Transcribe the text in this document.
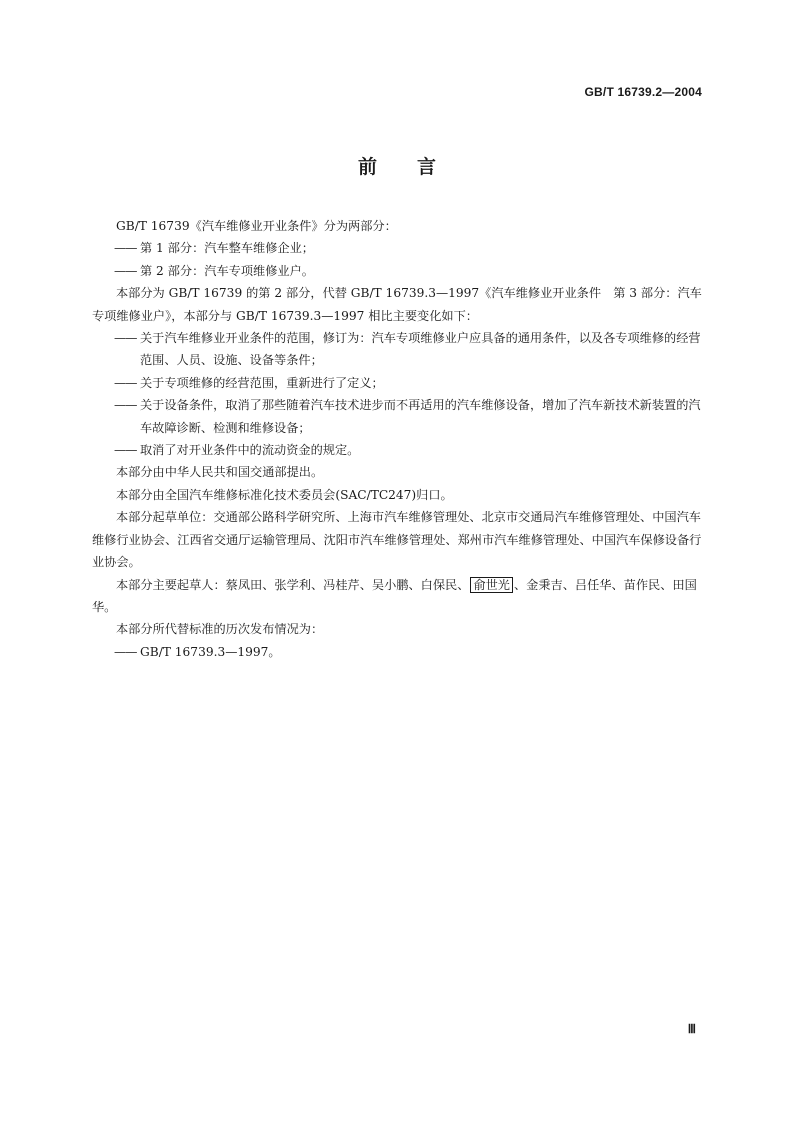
GB/T 16739.2—2004
前言

GB/T 16739《汽车维修业开业条件》分为两部分：

—— 第 1 部分：汽车整车维修企业；

—— 第 2 部分：汽车专项维修业户。

本部分为 GB/T 16739 的第 2 部分，代替 GB/T 16739.3—1997《汽车维修业开业条件　第 3 部分：汽车专项维修业户》，本部分与 GB/T 16739.3—1997 相比主要变化如下：

—— 关于汽车维修业开业条件的范围，修订为：汽车专项维修业户应具备的通用条件，以及各专项维修的经营范围、人员、设施、设备等条件；

—— 关于专项维修的经营范围，重新进行了定义；

—— 关于设备条件，取消了那些随着汽车技术进步而不再适用的汽车维修设备，增加了汽车新技术新装置的汽车故障诊断、检测和维修设备；

—— 取消了对开业条件中的流动资金的规定。

本部分由中华人民共和国交通部提出。

本部分由全国汽车维修标准化技术委员会(SAC/TC247)归口。

本部分起草单位：交通部公路科学研究所、上海市汽车维修管理处、北京市交通局汽车维修管理处、中国汽车维修行业协会、江西省交通厅运输管理局、沈阳市汽车维修管理处、郑州市汽车维修管理处、中国汽车保修设备行业协会。

本部分主要起草人：蔡凤田、张学利、冯桂芹、吴小鹏、白保民、 俞世光 、金秉吉、吕任华、苗作民、田国华。

本部分所代替标准的历次发布情况为：

—— GB/T 16739.3—1997。

Ⅲ
